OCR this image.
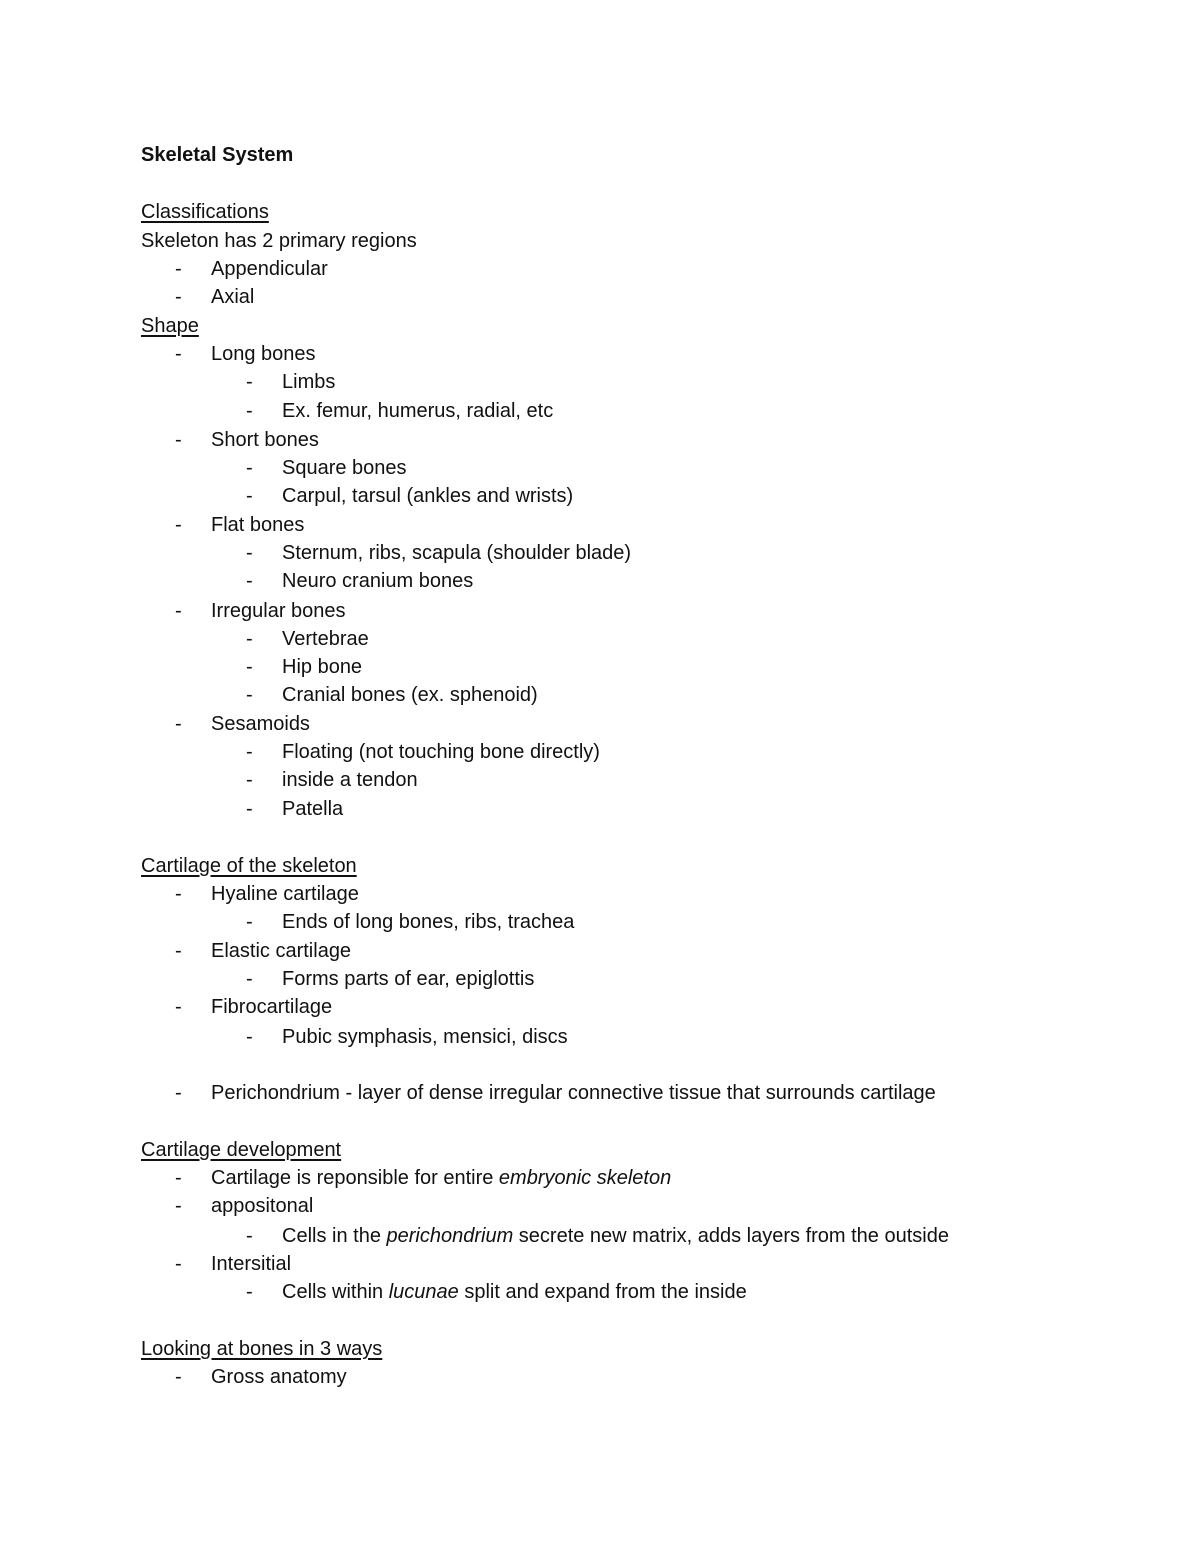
Skeletal System
Classifications
Skeleton has 2 primary regions
- Appendicular
- Axial
Shape
- Long bones
- Limbs
- Ex. femur, humerus, radial, etc
- Short bones
- Square bones
- Carpul, tarsul (ankles and wrists)
- Flat bones
- Sternum, ribs, scapula (shoulder blade)
- Neuro cranium bones
- Irregular bones
- Vertebrae
- Hip bone
- Cranial bones (ex. sphenoid)
- Sesamoids
- Floating (not touching bone directly)
- inside a tendon
- Patella
Cartilage of the skeleton
- Hyaline cartilage
- Ends of long bones, ribs, trachea
- Elastic cartilage
- Forms parts of ear, epiglottis
- Fibrocartilage
- Pubic symphasis, mensici, discs
- Perichondrium - layer of dense irregular connective tissue that surrounds cartilage
Cartilage development
- Cartilage is reponsible for entire embryonic skeleton
- appositonal
- Cells in the perichondrium secrete new matrix, adds layers from the outside
- Intersitial
- Cells within lucunae split and expand from the inside
Looking at bones in 3 ways
- Gross anatomy
